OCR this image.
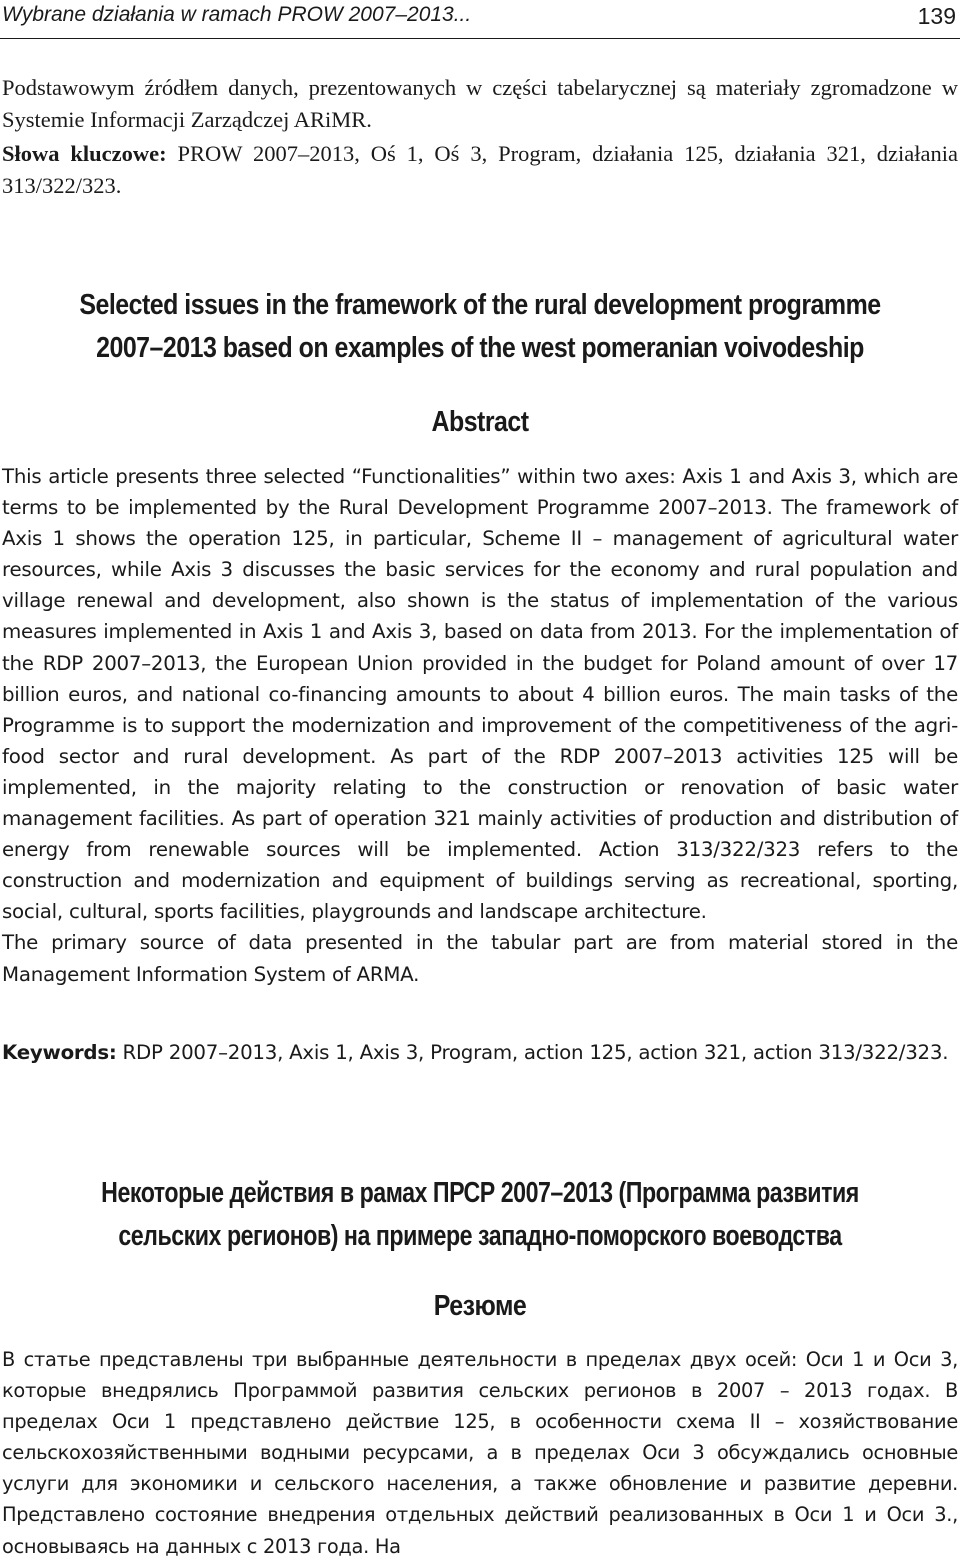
Wybrane działania w ramach PROW 2007–2013...	139

Podstawowym źródłem danych, prezentowanych w części tabelarycznej są materiały zgromadzone w Systemie Informacji Zarządczej ARiMR.

Słowa kluczowe: PROW 2007–2013, Oś 1, Oś 3, Program, działania 125, działania 321, działania 313/322/323.

Selected issues in the framework of the rural development programme
2007–2013 based on examples of the west pomeranian voivodeship
Abstract

This article presents three selected “Functionalities” within two axes: Axis 1 and Axis 3, which are terms to be implemented by the Rural Development Programme 2007–2013. The framework of Axis 1 shows the operation 125, in particular, Scheme II – management of agricultural water resources, while Axis 3 discusses the basic services for the economy and rural population and village renewal and development, also shown is the status of implementation of the various measures implemented in Axis 1 and Axis 3, based on data from 2013. For the implementation of the RDP 2007–2013, the European Union provided in the budget for Poland amount of over 17 billion euros, and national co-financing amounts to about 4 billion euros. The main tasks of the Programme is to support the modernization and improvement of the competitiveness of the agri-food sector and rural development. As part of the RDP 2007–2013 activities 125 will be implemented, in the majority relating to the construction or renovation of basic water management facilities. As part of operation 321 mainly activities of production and distribution of energy from renewable sources will be implemented. Action 313/322/323 refers to the construction and modernization and equipment of buildings serving as recreational, sporting, social, cultural, sports facilities, playgrounds and landscape architecture.
The primary source of data presented in the tabular part are from material stored in the Management Information System of ARMA.

Keywords: RDP 2007–2013, Axis 1, Axis 3, Program, action 125, action 321, action 313/322/323.

Некоторые действия в рамах ПРСР 2007–2013 (Программа развития
сельских регионов) на примере западно-поморского воеводства
Резюме

В статье представлены три выбранные деятельности в пределах двух осей: Оси 1 и Оси 3, которые внедрялись Программой развития сельских регионов в 2007 – 2013 годах. В пределах Оси 1 представлено действие 125, в особенности схема II – хозяйствование сельскохозяйственными водными ресурсами, а в пределах Оси 3 обсуждались основные услуги для экономики и сельского населения, а также обновление и развитие деревни. Представлено состояние внедрения отдельных действий реализованных в Оси 1 и Оси 3., основываясь на данных с 2013 года. На
